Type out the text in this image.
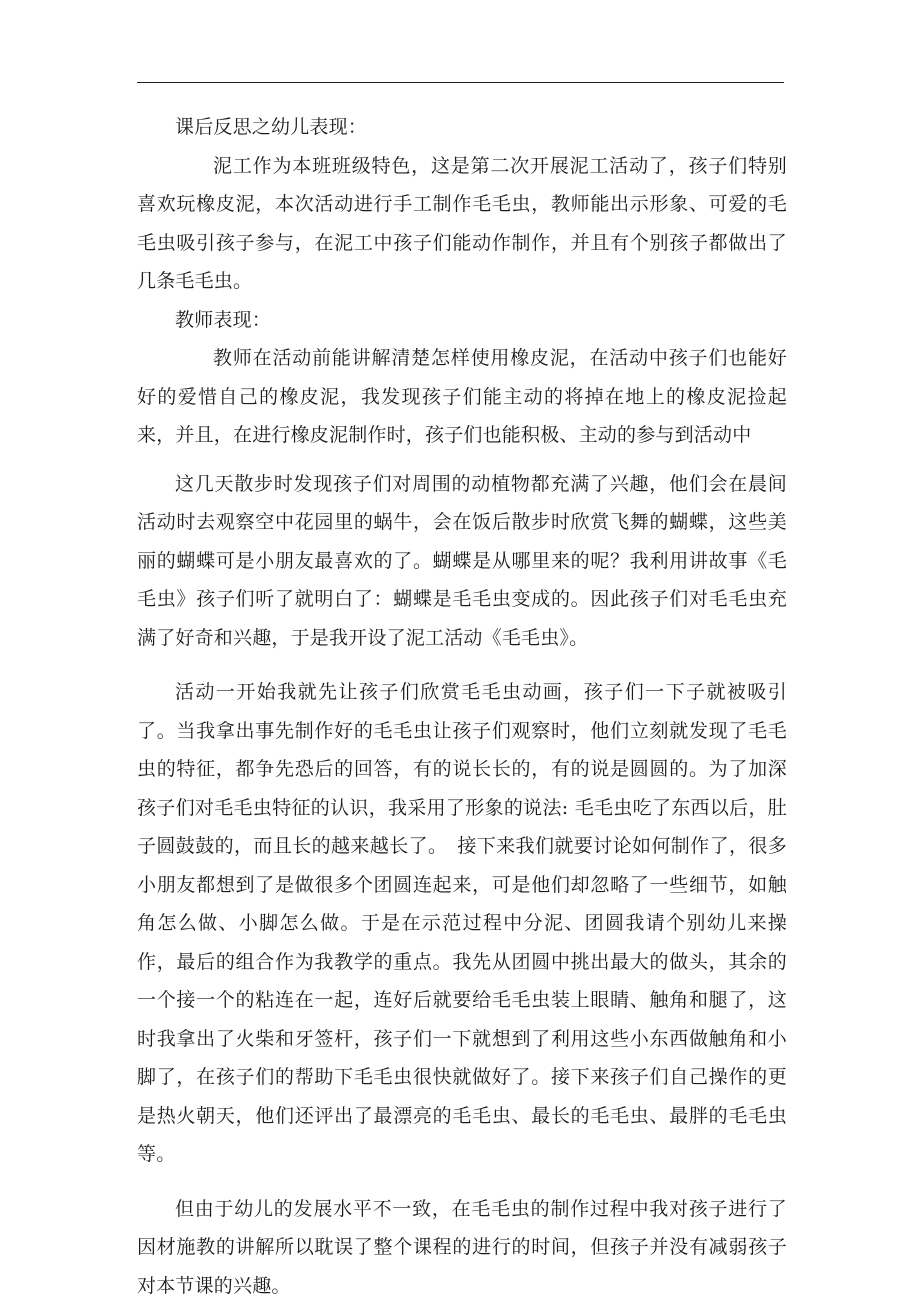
课后反思之幼儿表现：

泥工作为本班班级特色，这是第二次开展泥工活动了，孩子们特别喜欢玩橡皮泥，本次活动进行手工制作毛毛虫，教师能出示形象、可爱的毛毛虫吸引孩子参与，在泥工中孩子们能动作制作，并且有个别孩子都做出了几条毛毛虫。

教师表现：

教师在活动前能讲解清楚怎样使用橡皮泥，在活动中孩子们也能好好的爱惜自己的橡皮泥，我发现孩子们能主动的将掉在地上的橡皮泥捡起来，并且，在进行橡皮泥制作时，孩子们也能积极、主动的参与到活动中

这几天散步时发现孩子们对周围的动植物都充满了兴趣，他们会在晨间活动时去观察空中花园里的蜗牛，会在饭后散步时欣赏飞舞的蝴蝶，这些美丽的蝴蝶可是小朋友最喜欢的了。蝴蝶是从哪里来的呢？我利用讲故事《毛毛虫》孩子们听了就明白了：蝴蝶是毛毛虫变成的。因此孩子们对毛毛虫充满了好奇和兴趣，于是我开设了泥工活动《毛毛虫》。

活动一开始我就先让孩子们欣赏毛毛虫动画，孩子们一下子就被吸引了。当我拿出事先制作好的毛毛虫让孩子们观察时，他们立刻就发现了毛毛虫的特征，都争先恐后的回答，有的说长长的，有的说是圆圆的。为了加深孩子们对毛毛虫特征的认识，我采用了形象的说法: 毛毛虫吃了东西以后，肚子圆鼓鼓的，而且长的越来越长了。　接下来我们就要讨论如何制作了，很多小朋友都想到了是做很多个团圆连起来，可是他们却忽略了一些细节，如触角怎么做、小脚怎么做。于是在示范过程中分泥、团圆我请个别幼儿来操作，最后的组合作为我教学的重点。我先从团圆中挑出最大的做头，其余的一个接一个的粘连在一起，连好后就要给毛毛虫装上眼睛、触角和腿了，这时我拿出了火柴和牙签杆，孩子们一下就想到了利用这些小东西做触角和小脚了，在孩子们的帮助下毛毛虫很快就做好了。接下来孩子们自己操作的更是热火朝天，他们还评出了最漂亮的毛毛虫、最长的毛毛虫、最胖的毛毛虫等。

但由于幼儿的发展水平不一致，在毛毛虫的制作过程中我对孩子进行了因材施教的讲解所以耽误了整个课程的进行的时间，但孩子并没有减弱孩子对本节课的兴趣。
